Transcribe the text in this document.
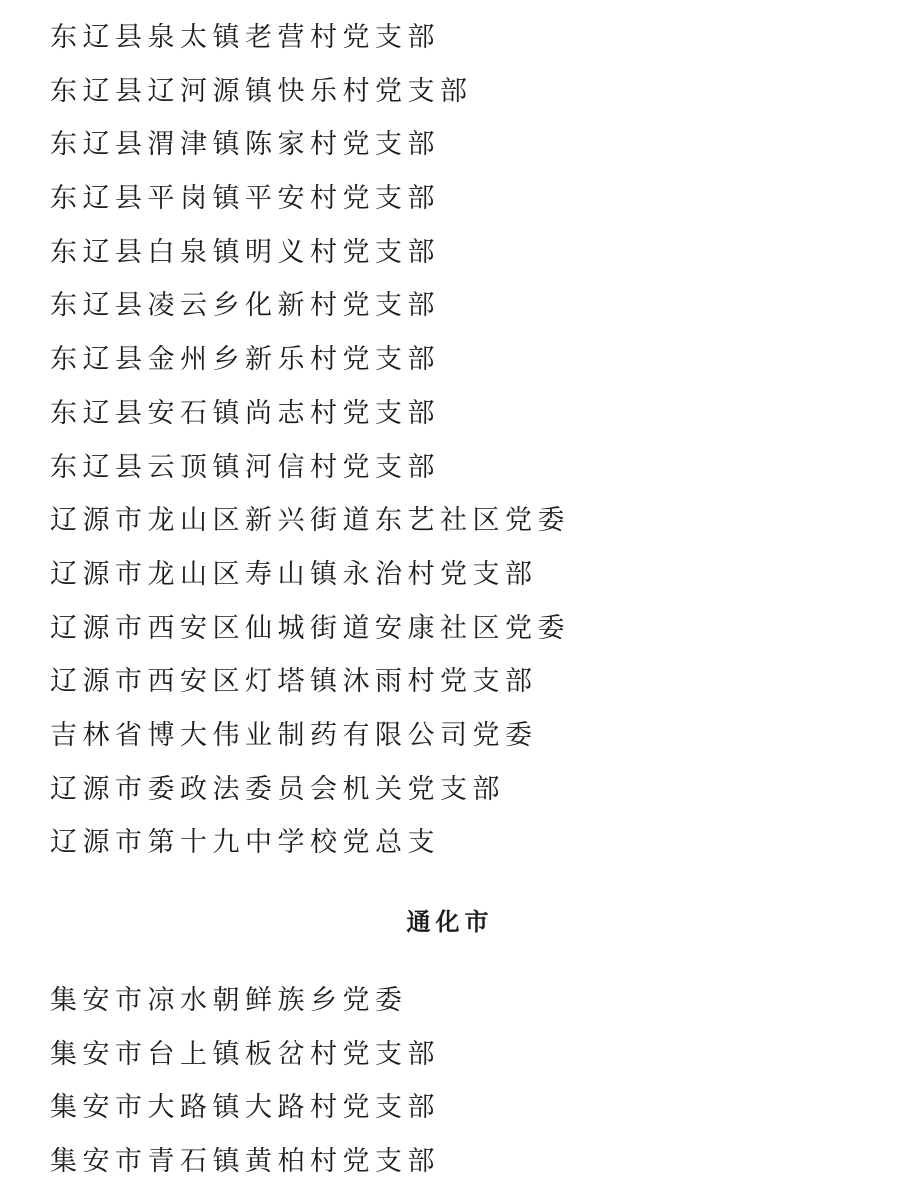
东辽县泉太镇老营村党支部
东辽县辽河源镇快乐村党支部
东辽县渭津镇陈家村党支部
东辽县平岗镇平安村党支部
东辽县白泉镇明义村党支部
东辽县凌云乡化新村党支部
东辽县金州乡新乐村党支部
东辽县安石镇尚志村党支部
东辽县云顶镇河信村党支部
辽源市龙山区新兴街道东艺社区党委
辽源市龙山区寿山镇永治村党支部
辽源市西安区仙城街道安康社区党委
辽源市西安区灯塔镇沐雨村党支部
吉林省博大伟业制药有限公司党委
辽源市委政法委员会机关党支部
辽源市第十九中学校党总支
通化市
集安市凉水朝鲜族乡党委
集安市台上镇板岔村党支部
集安市大路镇大路村党支部
集安市青石镇黄柏村党支部
